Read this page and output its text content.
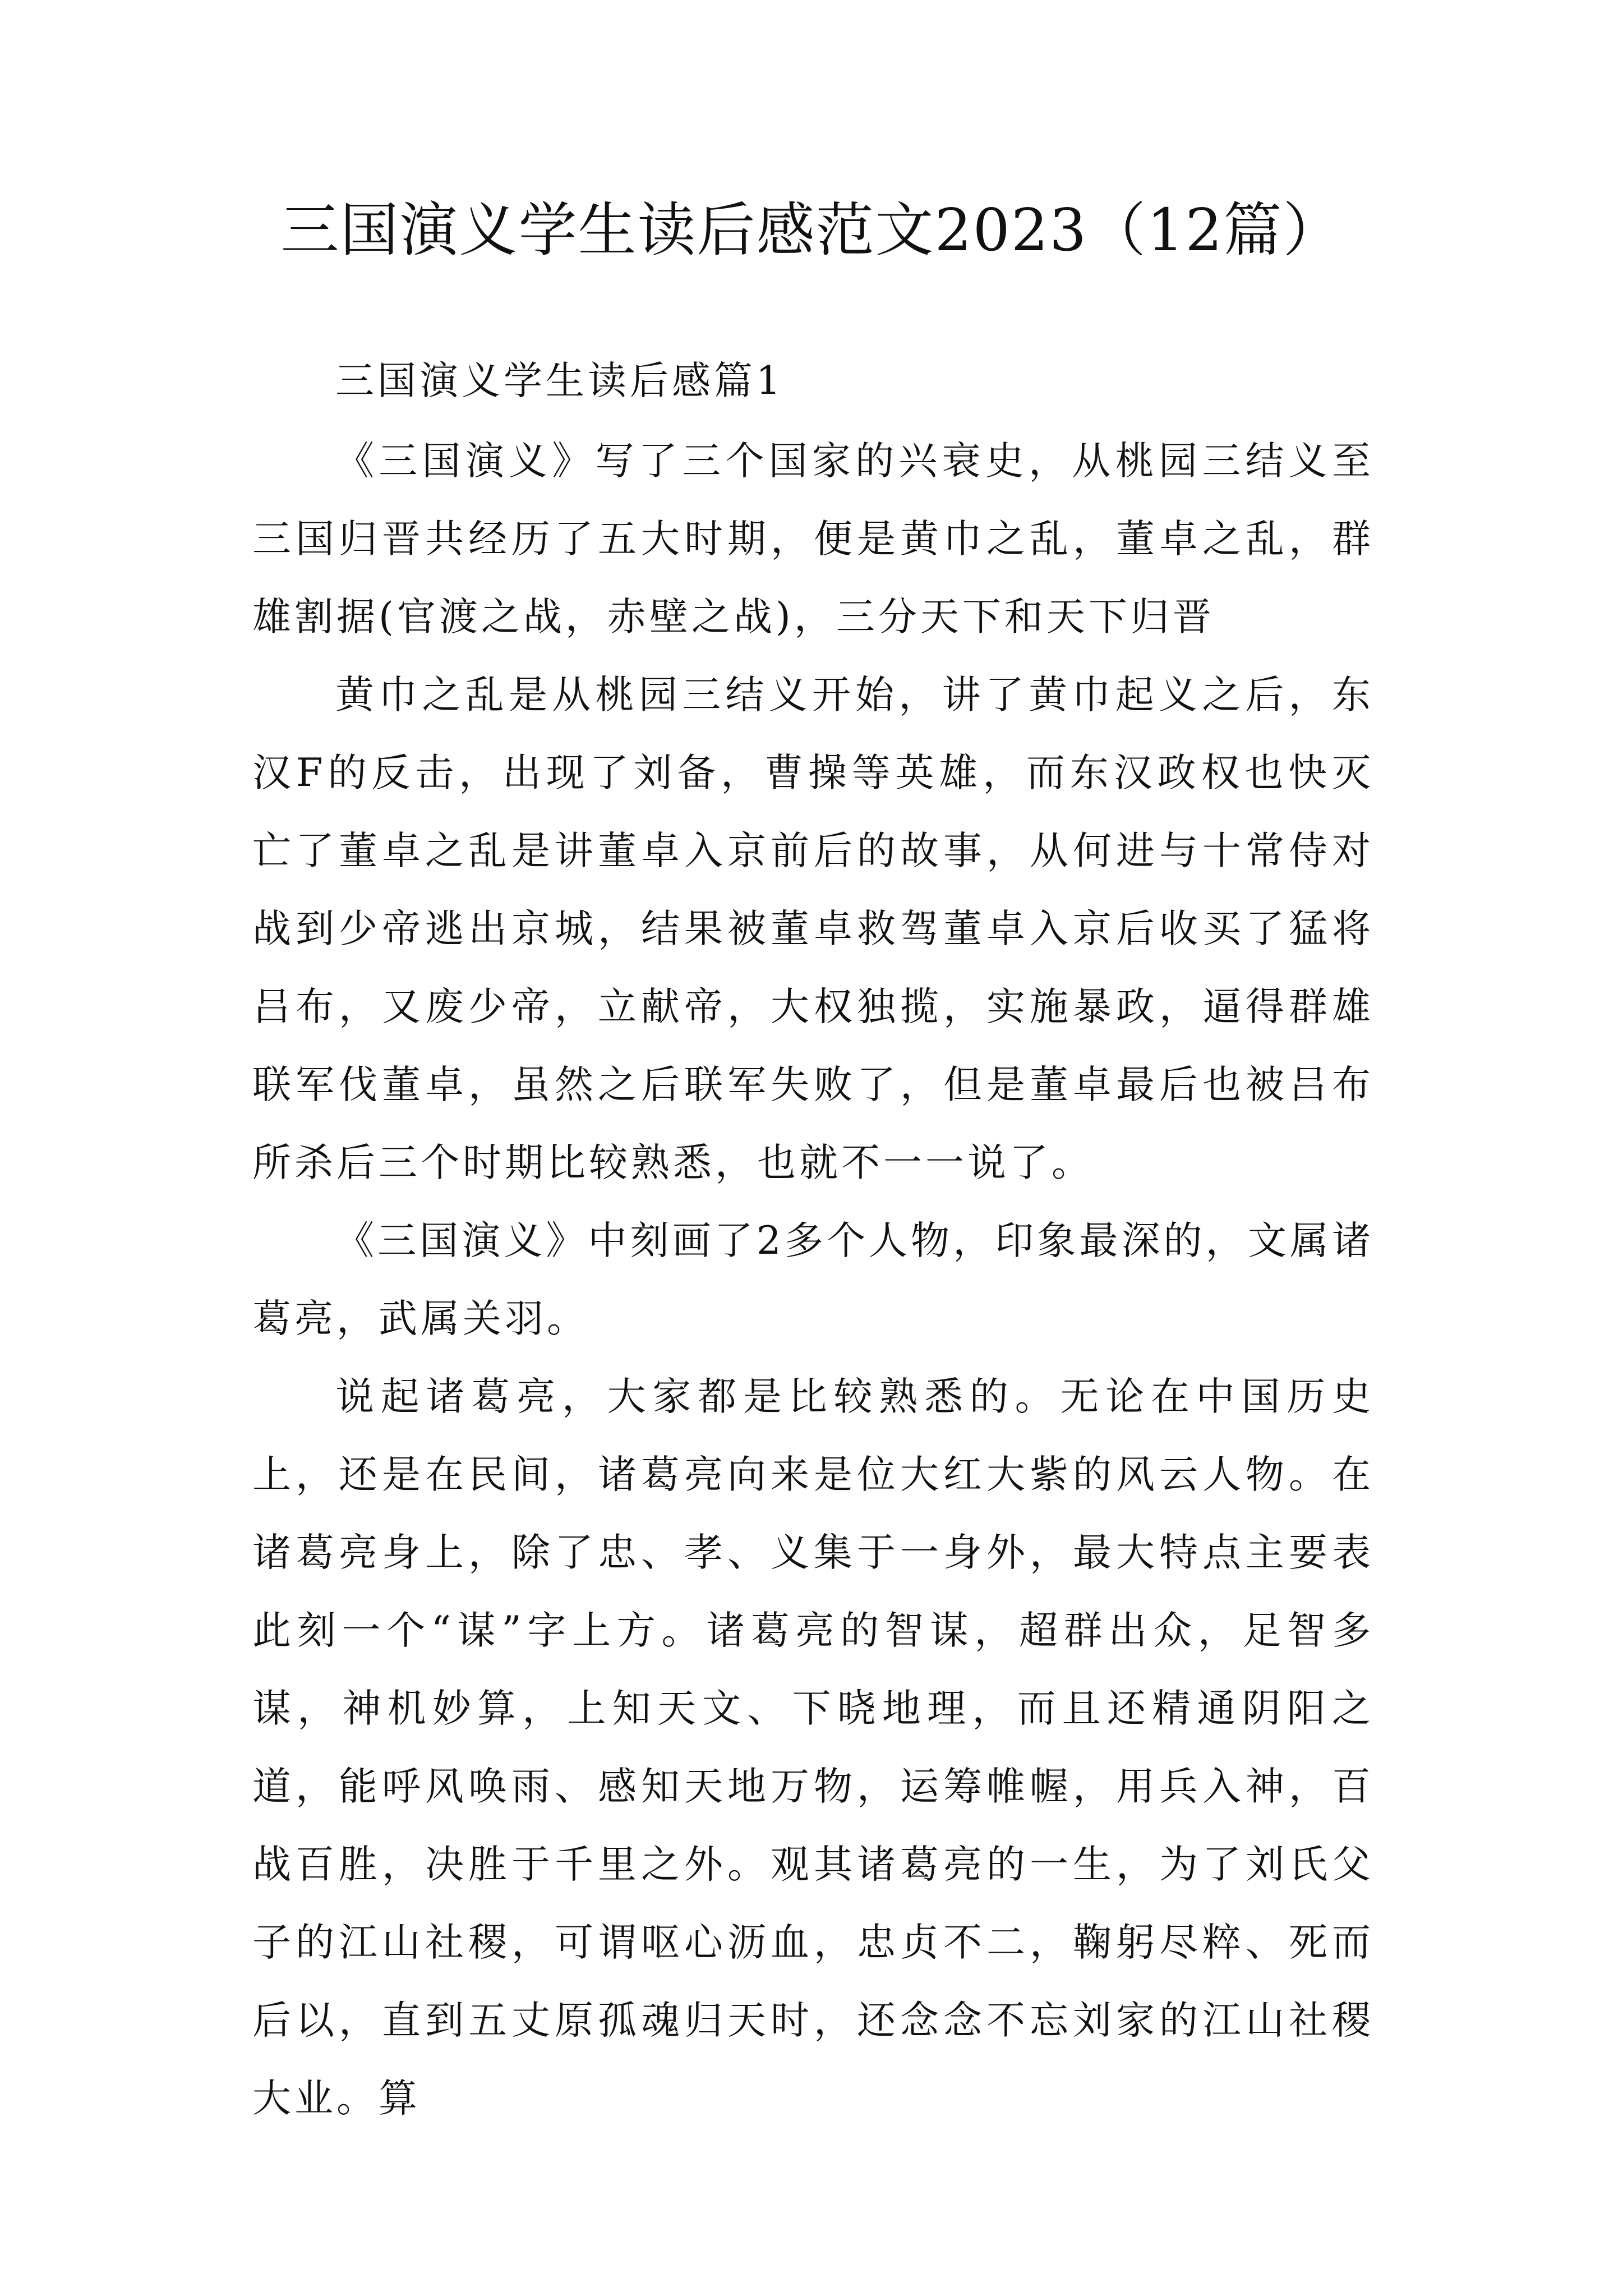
三国演义学生读后感范文2023（12篇）
三国演义学生读后感篇1

《三国演义》写了三个国家的兴衰史，从桃园三结义至三国归晋共经历了五大时期，便是黄巾之乱，董卓之乱，群雄割据(官渡之战，赤壁之战)，三分天下和天下归晋

黄巾之乱是从桃园三结义开始，讲了黄巾起义之后，东汉F的反击，出现了刘备，曹操等英雄，而东汉政权也快灭亡了董卓之乱是讲董卓入京前后的故事，从何进与十常侍对战到少帝逃出京城，结果被董卓救驾董卓入京后收买了猛将吕布，又废少帝，立献帝，大权独揽，实施暴政，逼得群雄联军伐董卓，虽然之后联军失败了，但是董卓最后也被吕布所杀后三个时期比较熟悉，也就不一一说了。

《三国演义》中刻画了2多个人物，印象最深的，文属诸葛亮，武属关羽。

说起诸葛亮，大家都是比较熟悉的。无论在中国历史上，还是在民间，诸葛亮向来是位大红大紫的风云人物。在诸葛亮身上，除了忠、孝、义集于一身外，最大特点主要表此刻一个“谋”字上方。诸葛亮的智谋，超群出众，足智多谋，神机妙算，上知天文、下晓地理，而且还精通阴阳之道，能呼风唤雨、感知天地万物，运筹帷幄，用兵入神，百战百胜，决胜于千里之外。观其诸葛亮的一生，为了刘氏父子的江山社稷，可谓呕心沥血，忠贞不二，鞠躬尽粹、死而后以，直到五丈原孤魂归天时，还念念不忘刘家的江山社稷大业。算
